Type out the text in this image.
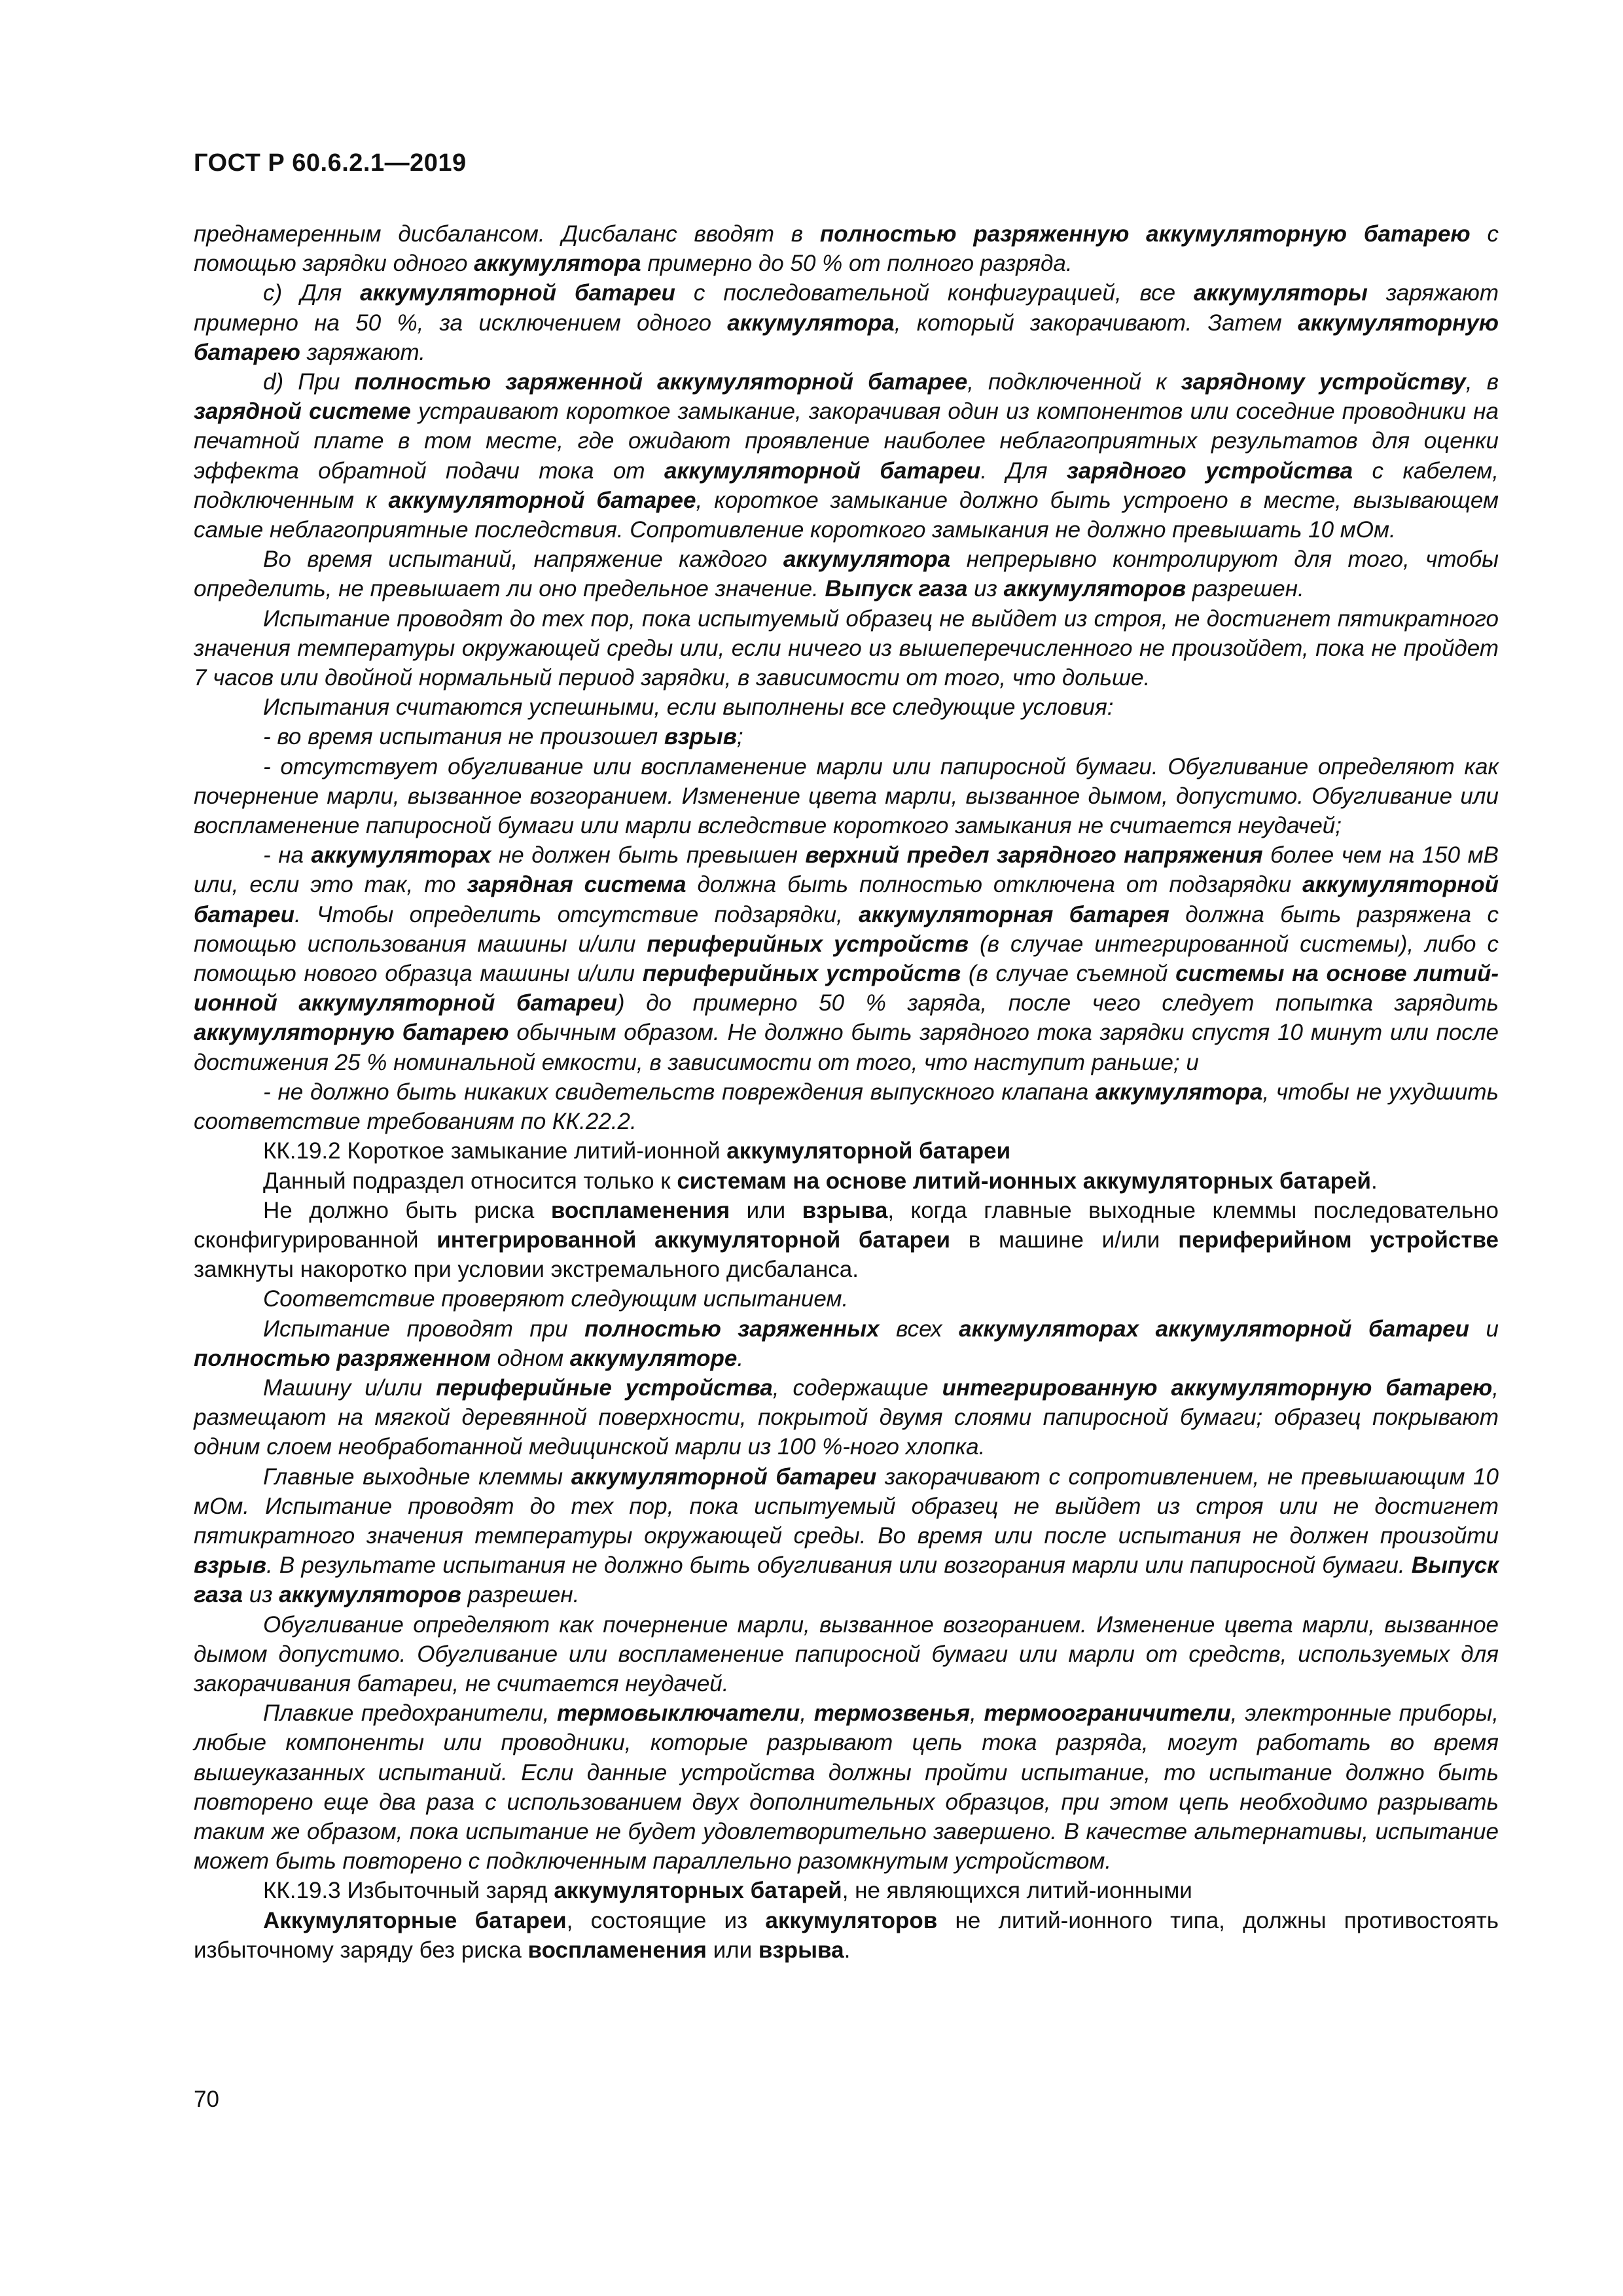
ГОСТ Р 60.6.2.1—2019

преднамеренным дисбалансом. Дисбаланс вводят в полностью разряженную аккумуляторную батарею с помощью зарядки одного аккумулятора примерно до 50 % от полного разряда.

с) Для аккумуляторной батареи с последовательной конфигурацией, все аккумуляторы заряжают примерно на 50 %, за исключением одного аккумулятора, который закорачивают. Затем аккумуляторную батарею заряжают.

d) При полностью заряженной аккумуляторной батарее, подключенной к зарядному устройству, в зарядной системе устраивают короткое замыкание, закорачивая один из компонентов или соседние проводники на печатной плате в том месте, где ожидают проявление наиболее неблагоприятных результатов для оценки эффекта обратной подачи тока от аккумуляторной батареи. Для зарядного устройства с кабелем, подключенным к аккумуляторной батарее, короткое замыкание должно быть устроено в месте, вызывающем самые неблагоприятные последствия. Сопротивление короткого замыкания не должно превышать 10 мОм.

Во время испытаний, напряжение каждого аккумулятора непрерывно контролируют для того, чтобы определить, не превышает ли оно предельное значение. Выпуск газа из аккумуляторов разрешен.

Испытание проводят до тех пор, пока испытуемый образец не выйдет из строя, не достигнет пятикратного значения температуры окружающей среды или, если ничего из вышеперечисленного не произойдет, пока не пройдет 7 часов или двойной нормальный период зарядки, в зависимости от того, что дольше.

Испытания считаются успешными, если выполнены все следующие условия:

- во время испытания не произошел взрыв;

- отсутствует обугливание или воспламенение марли или папиросной бумаги. Обугливание определяют как почернение марли, вызванное возгоранием. Изменение цвета марли, вызванное дымом, допустимо. Обугливание или воспламенение папиросной бумаги или марли вследствие короткого замыкания не считается неудачей;

- на аккумуляторах не должен быть превышен верхний предел зарядного напряжения более чем на 150 мВ или, если это так, то зарядная система должна быть полностью отключена от подзарядки аккумуляторной батареи. Чтобы определить отсутствие подзарядки, аккумуляторная батарея должна быть разряжена с помощью использования машины и/или периферийных устройств (в случае интегрированной системы), либо с помощью нового образца машины и/или периферийных устройств (в случае съемной системы на основе литий-ионной аккумуляторной батареи) до примерно 50 % заряда, после чего следует попытка зарядить аккумуляторную батарею обычным образом. Не должно быть зарядного тока зарядки спустя 10 минут или после достижения 25 % номинальной емкости, в зависимости от того, что наступит раньше; и

- не должно быть никаких свидетельств повреждения выпускного клапана аккумулятора, чтобы не ухудшить соответствие требованиям по КК.22.2.

КК.19.2 Короткое замыкание литий-ионной аккумуляторной батареи

Данный подраздел относится только к системам на основе литий-ионных аккумуляторных батарей.

Не должно быть риска воспламенения или взрыва, когда главные выходные клеммы последовательно сконфигурированной интегрированной аккумуляторной батареи в машине и/или периферийном устройстве замкнуты накоротко при условии экстремального дисбаланса.

Соответствие проверяют следующим испытанием.

Испытание проводят при полностью заряженных всех аккумуляторах аккумуляторной батареи и полностью разряженном одном аккумуляторе.

Машину и/или периферийные устройства, содержащие интегрированную аккумуляторную батарею, размещают на мягкой деревянной поверхности, покрытой двумя слоями папиросной бумаги; образец покрывают одним слоем необработанной медицинской марли из 100 %-ного хлопка.

Главные выходные клеммы аккумуляторной батареи закорачивают с сопротивлением, не превышающим 10 мОм. Испытание проводят до тех пор, пока испытуемый образец не выйдет из строя или не достигнет пятикратного значения температуры окружающей среды. Во время или после испытания не должен произойти взрыв. В результате испытания не должно быть обугливания или возгорания марли или папиросной бумаги. Выпуск газа из аккумуляторов разрешен.

Обугливание определяют как почернение марли, вызванное возгоранием. Изменение цвета марли, вызванное дымом допустимо. Обугливание или воспламенение папиросной бумаги или марли от средств, используемых для закорачивания батареи, не считается неудачей.

Плавкие предохранители, термовыключатели, термозвенья, термоограничители, электронные приборы, любые компоненты или проводники, которые разрывают цепь тока разряда, могут работать во время вышеуказанных испытаний. Если данные устройства должны пройти испытание, то испытание должно быть повторено еще два раза с использованием двух дополнительных образцов, при этом цепь необходимо разрывать таким же образом, пока испытание не будет удовлетворительно завершено. В качестве альтернативы, испытание может быть повторено с подключенным параллельно разомкнутым устройством.

КК.19.3 Избыточный заряд аккумуляторных батарей, не являющихся литий-ионными

Аккумуляторные батареи, состоящие из аккумуляторов не литий-ионного типа, должны противостоять избыточному заряду без риска воспламенения или взрыва.

70
